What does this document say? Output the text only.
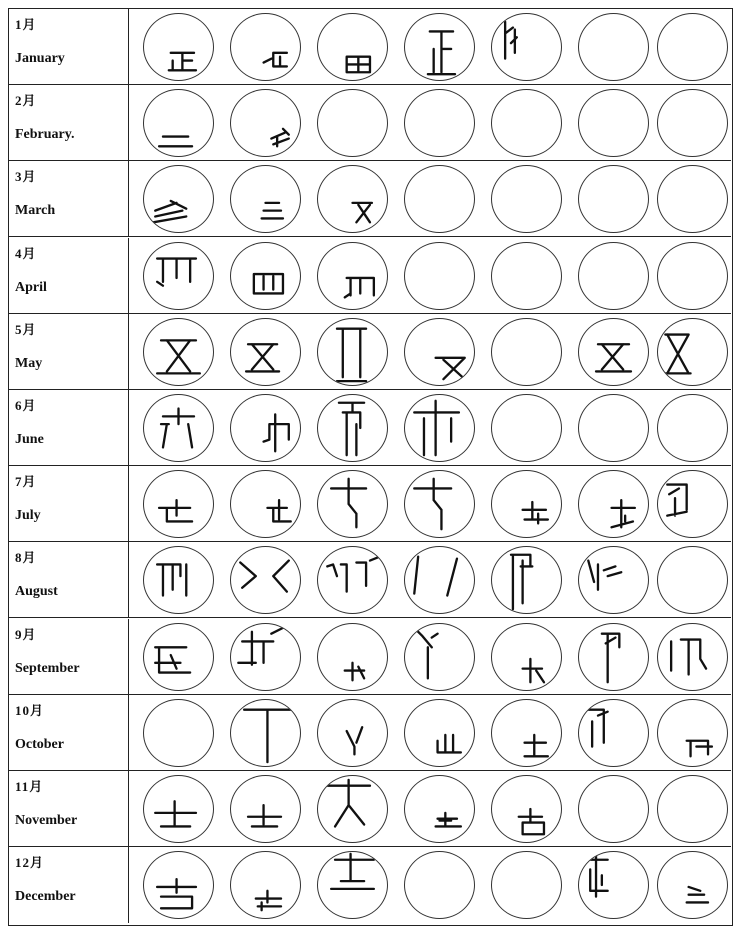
1月
January
2月
February.
3月
March
4月
April
5月
May
6月
June
7月
July
8月
August
9月
September
10月
October
11月
November
12月
December
